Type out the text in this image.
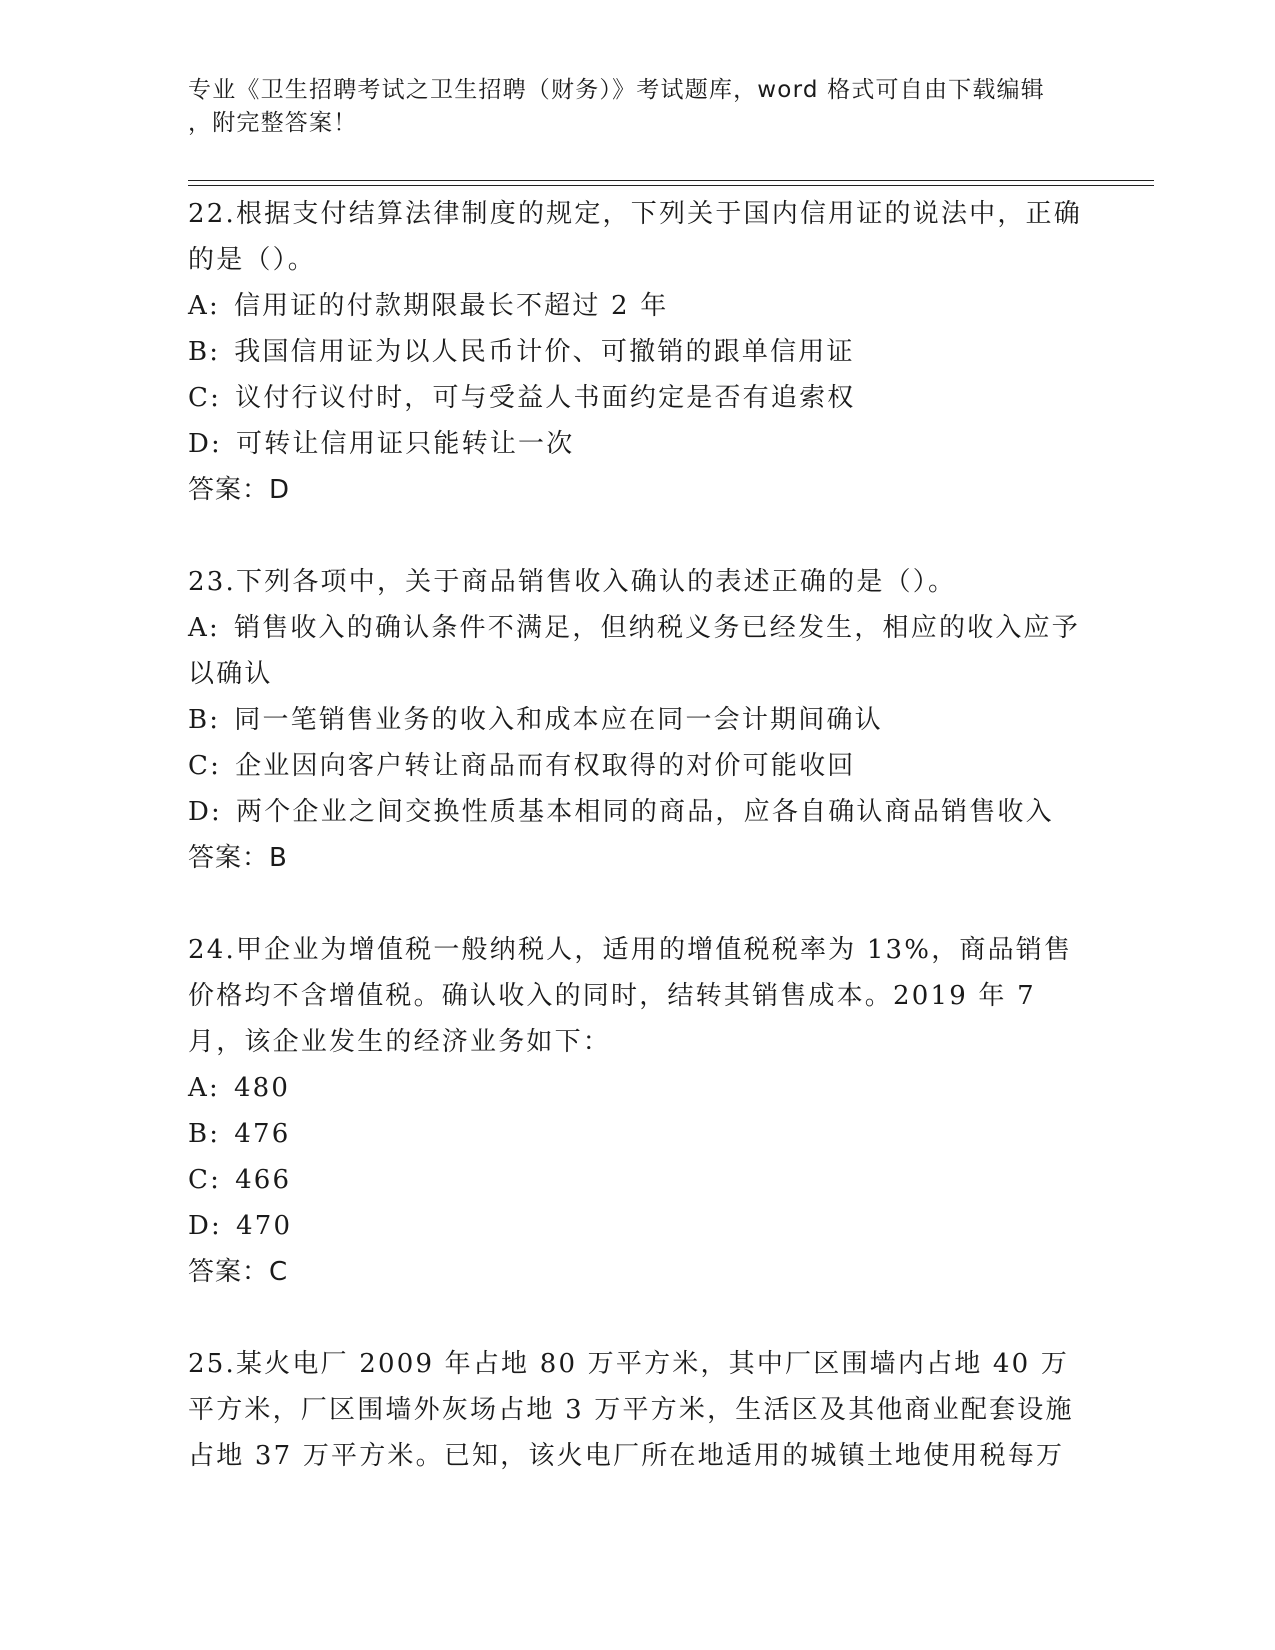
专业《卫生招聘考试之卫生招聘（财务）》考试题库，word 格式可自由下载编辑
，附完整答案！

22.根据支付结算法律制度的规定，下列关于国内信用证的说法中，正确的是（）。

A: 信用证的付款期限最长不超过 2 年

B: 我国信用证为以人民币计价、可撤销的跟单信用证

C: 议付行议付时，可与受益人书面约定是否有追索权

D: 可转让信用证只能转让一次

答案：D

23.下列各项中，关于商品销售收入确认的表述正确的是（）。

A: 销售收入的确认条件不满足，但纳税义务已经发生，相应的收入应予以确认

B: 同一笔销售业务的收入和成本应在同一会计期间确认

C: 企业因向客户转让商品而有权取得的对价可能收回

D: 两个企业之间交换性质基本相同的商品，应各自确认商品销售收入

答案：B

24.甲企业为增值税一般纳税人，适用的增值税税率为 13%，商品销售价格均不含增值税。确认收入的同时，结转其销售成本。2019 年 7 月，该企业发生的经济业务如下：

A: 480

B: 476

C: 466

D: 470

答案：C

25.某火电厂 2009 年占地 80 万平方米，其中厂区围墙内占地 40 万平方米，厂区围墙外灰场占地 3 万平方米，生活区及其他商业配套设施占地 37 万平方米。已知，该火电厂所在地适用的城镇土地使用税每万
